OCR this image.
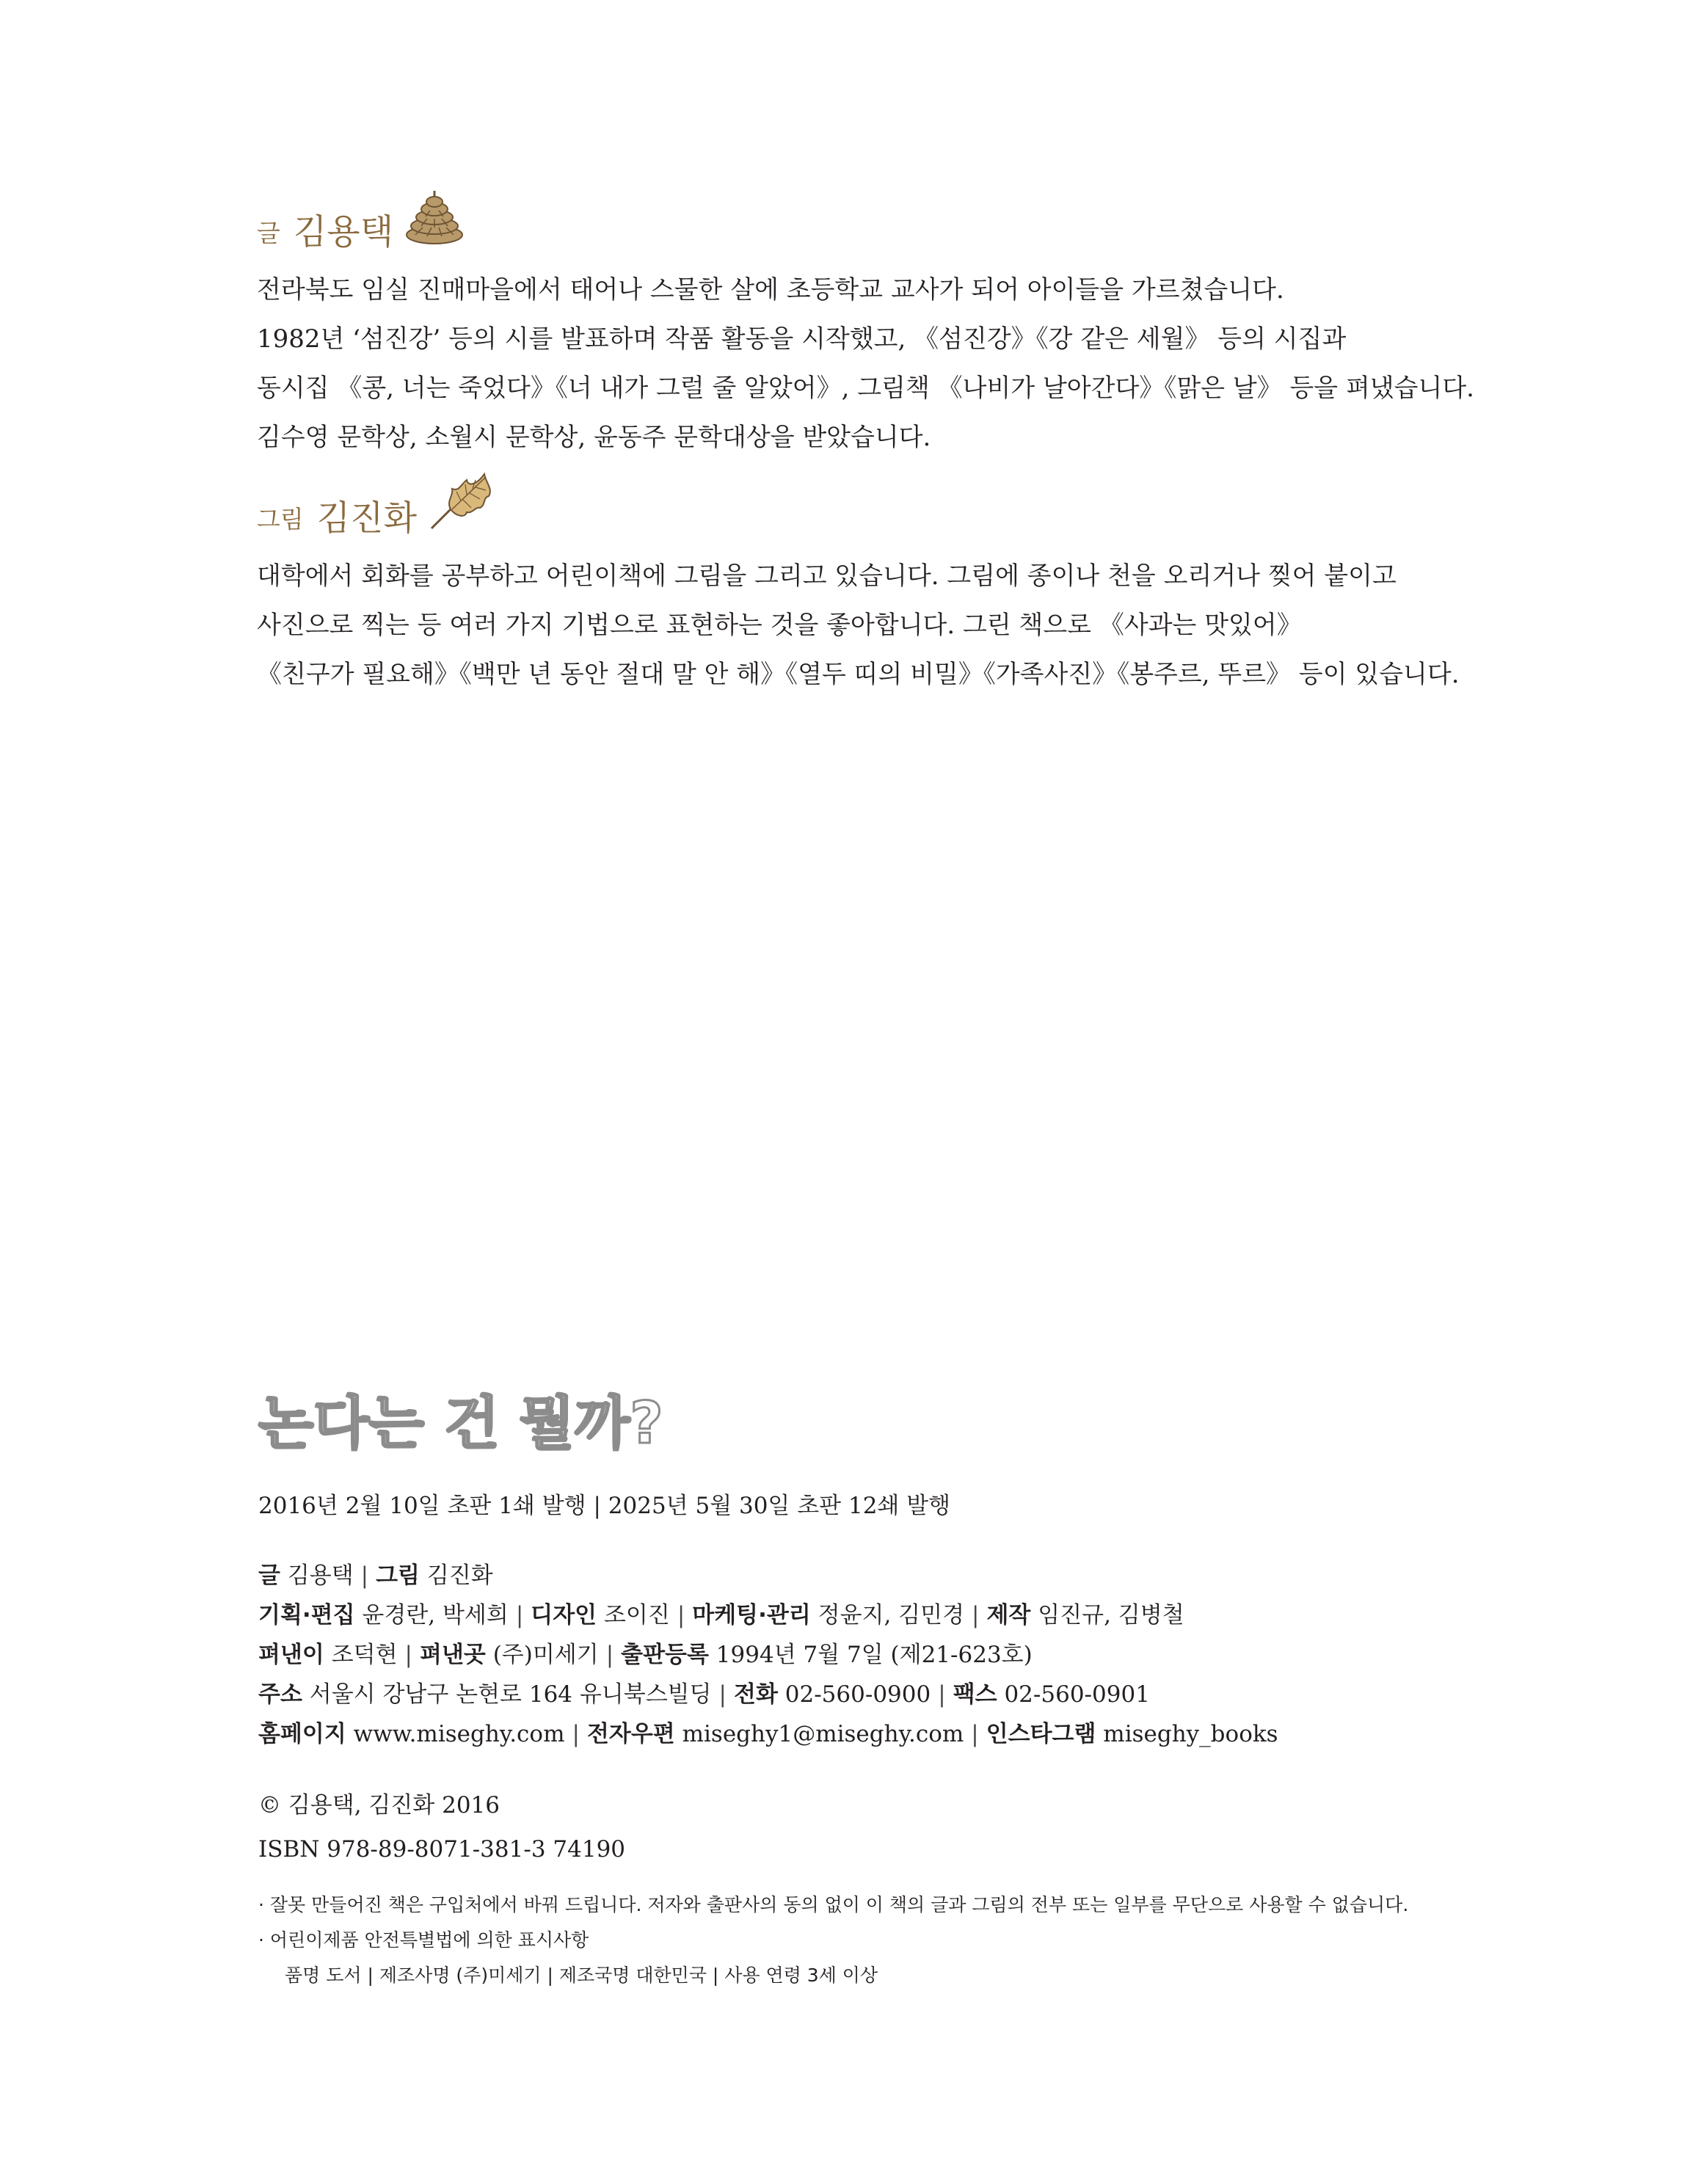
글 김용택
전라북도 임실 진매마을에서 태어나 스물한 살에 초등학교 교사가 되어 아이들을 가르쳤습니다.
1982년 ‘섬진강’ 등의 시를 발표하며 작품 활동을 시작했고, 《섬진강》《강 같은 세월》 등의 시집과
동시집 《콩, 너는 죽었다》《너 내가 그럴 줄 알았어》, 그림책 《나비가 날아간다》《맑은 날》 등을 펴냈습니다.
김수영 문학상, 소월시 문학상, 윤동주 문학대상을 받았습니다.
그림 김진화
대학에서 회화를 공부하고 어린이책에 그림을 그리고 있습니다. 그림에 종이나 천을 오리거나 찢어 붙이고
사진으로 찍는 등 여러 가지 기법으로 표현하는 것을 좋아합니다. 그린 책으로 《사과는 맛있어》
《친구가 필요해》《백만 년 동안 절대 말 안 해》《열두 띠의 비밀》《가족사진》《봉주르, 뚜르》 등이 있습니다.
논다는 건 뭘까?
2016년 2월 10일 초판 1쇄 발행 | 2025년 5월 30일 초판 12쇄 발행
글 김용택 | 그림 김진화
기획·편집 윤경란, 박세희 | 디자인 조이진 | 마케팅·관리 정윤지, 김민경 | 제작 임진규, 김병철
펴낸이 조덕현 | 펴낸곳 (주)미세기 | 출판등록 1994년 7월 7일 (제21-623호)
주소 서울시 강남구 논현로 164 유니북스빌딩 | 전화 02-560-0900 | 팩스 02-560-0901
홈페이지 www.miseghy.com | 전자우편 miseghy1@miseghy.com | 인스타그램 miseghy_books
© 김용택, 김진화 2016
ISBN 978-89-8071-381-3 74190
· 잘못 만들어진 책은 구입처에서 바꿔 드립니다. 저자와 출판사의 동의 없이 이 책의 글과 그림의 전부 또는 일부를 무단으로 사용할 수 없습니다.
· 어린이제품 안전특별법에 의한 표시사항
품명 도서 | 제조사명 (주)미세기 | 제조국명 대한민국 | 사용 연령 3세 이상
